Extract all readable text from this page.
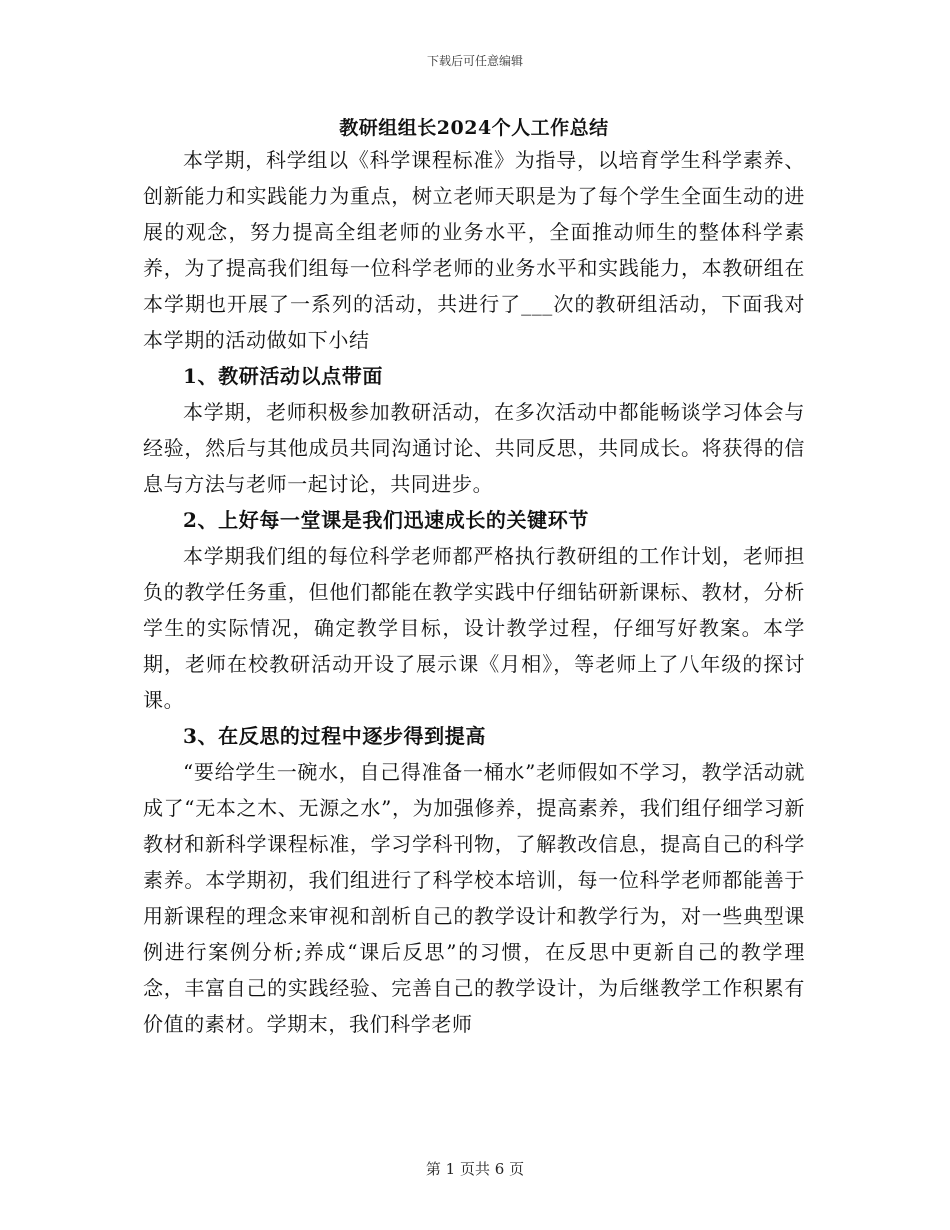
下载后可任意编辑
教研组组长2024个人工作总结

本学期，科学组以《科学课程标准》为指导，以培育学生科学素养、创新能力和实践能力为重点，树立老师天职是为了每个学生全面生动的进展的观念，努力提高全组老师的业务水平，全面推动师生的整体科学素养，为了提高我们组每一位科学老师的业务水平和实践能力，本教研组在本学期也开展了一系列的活动，共进行了___次的教研组活动，下面我对本学期的活动做如下小结

1、教研活动以点带面

本学期，老师积极参加教研活动，在多次活动中都能畅谈学习体会与经验，然后与其他成员共同沟通讨论、共同反思，共同成长。将获得的信息与方法与老师一起讨论，共同进步。

2、上好每一堂课是我们迅速成长的关键环节

本学期我们组的每位科学老师都严格执行教研组的工作计划，老师担负的教学任务重，但他们都能在教学实践中仔细钻研新课标、教材，分析学生的实际情况，确定教学目标，设计教学过程，仔细写好教案。本学期，老师在校教研活动开设了展示课《月相》，等老师上了八年级的探讨课。

3、在反思的过程中逐步得到提高

“要给学生一碗水，自己得准备一桶水”老师假如不学习，教学活动就成了“无本之木、无源之水”，为加强修养，提高素养，我们组仔细学习新教材和新科学课程标准，学习学科刊物，了解教改信息，提高自己的科学素养。本学期初，我们组进行了科学校本培训，每一位科学老师都能善于用新课程的理念来审视和剖析自己的教学设计和教学行为，对一些典型课例进行案例分析;养成“课后反思”的习惯，在反思中更新自己的教学理念，丰富自己的实践经验、完善自己的教学设计，为后继教学工作积累有价值的素材。学期末，我们科学老师

第 1 页共 6 页
